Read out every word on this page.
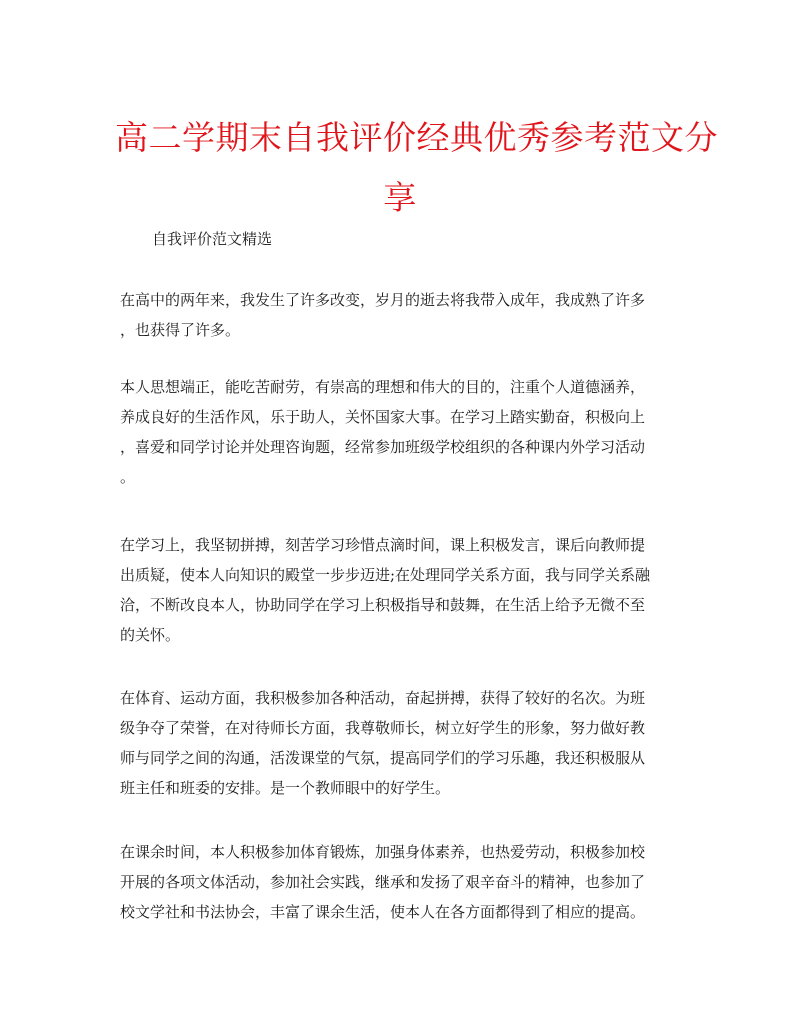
高二学期末自我评价经典优秀参考范文分
享

自我评价范文精选

在高中的两年来，我发生了许多改变，岁月的逝去将我带入成年，我成熟了许多
，也获得了许多。

本人思想端正，能吃苦耐劳，有崇高的理想和伟大的目的，注重个人道德涵养，
养成良好的生活作风，乐于助人，关怀国家大事。在学习上踏实勤奋，积极向上
，喜爱和同学讨论并处理咨询题，经常参加班级学校组织的各种课内外学习活动
。

在学习上，我坚韧拼搏，刻苦学习珍惜点滴时间，课上积极发言，课后向教师提
出质疑，使本人向知识的殿堂一步步迈进;在处理同学关系方面，我与同学关系融
洽，不断改良本人，协助同学在学习上积极指导和鼓舞，在生活上给予无微不至
的关怀。

在体育、运动方面，我积极参加各种活动，奋起拼搏，获得了较好的名次。为班
级争夺了荣誉，在对待师长方面，我尊敬师长，树立好学生的形象，努力做好教
师与同学之间的沟通，活泼课堂的气氛，提高同学们的学习乐趣，我还积极服从
班主任和班委的安排。是一个教师眼中的好学生。

在课余时间，本人积极参加体育锻炼，加强身体素养，也热爱劳动，积极参加校
开展的各项文体活动，参加社会实践，继承和发扬了艰辛奋斗的精神，也参加了
校文学社和书法协会，丰富了课余生活，使本人在各方面都得到了相应的提高。
